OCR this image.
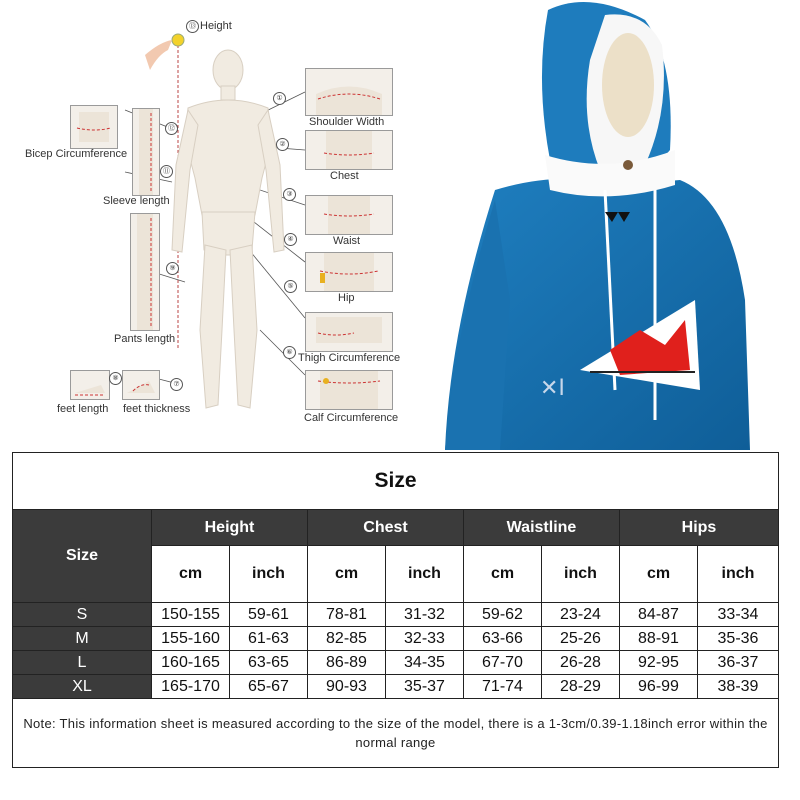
Shoulder Width
Chest
Waist
Hip
Thigh Circumference
Calf Circumference
Bicep Circumference
Sleeve length
Pants length
feet length feet thickness
Height
⑬
①
②
③
④
⑤
⑥
⑦
⑧
⑨
⑪
⑫
✕I
Size								
Size	Height		Chest		Waistline		Hips	
	cm	inch	cm	inch	cm	inch	cm	inch
S	150-155	59-61	78-81	31-32	59-62	23-24	84-87	33-34
M	155-160	61-63	82-85	32-33	63-66	25-26	88-91	35-36
L	160-165	63-65	86-89	34-35	67-70	26-28	92-95	36-37
XL	165-170	65-67	90-93	35-37	71-74	28-29	96-99	38-39
Note: This information sheet is measured according to the size of the model, there is a 1-3cm/0.39-1.18inch error within the normal range								
